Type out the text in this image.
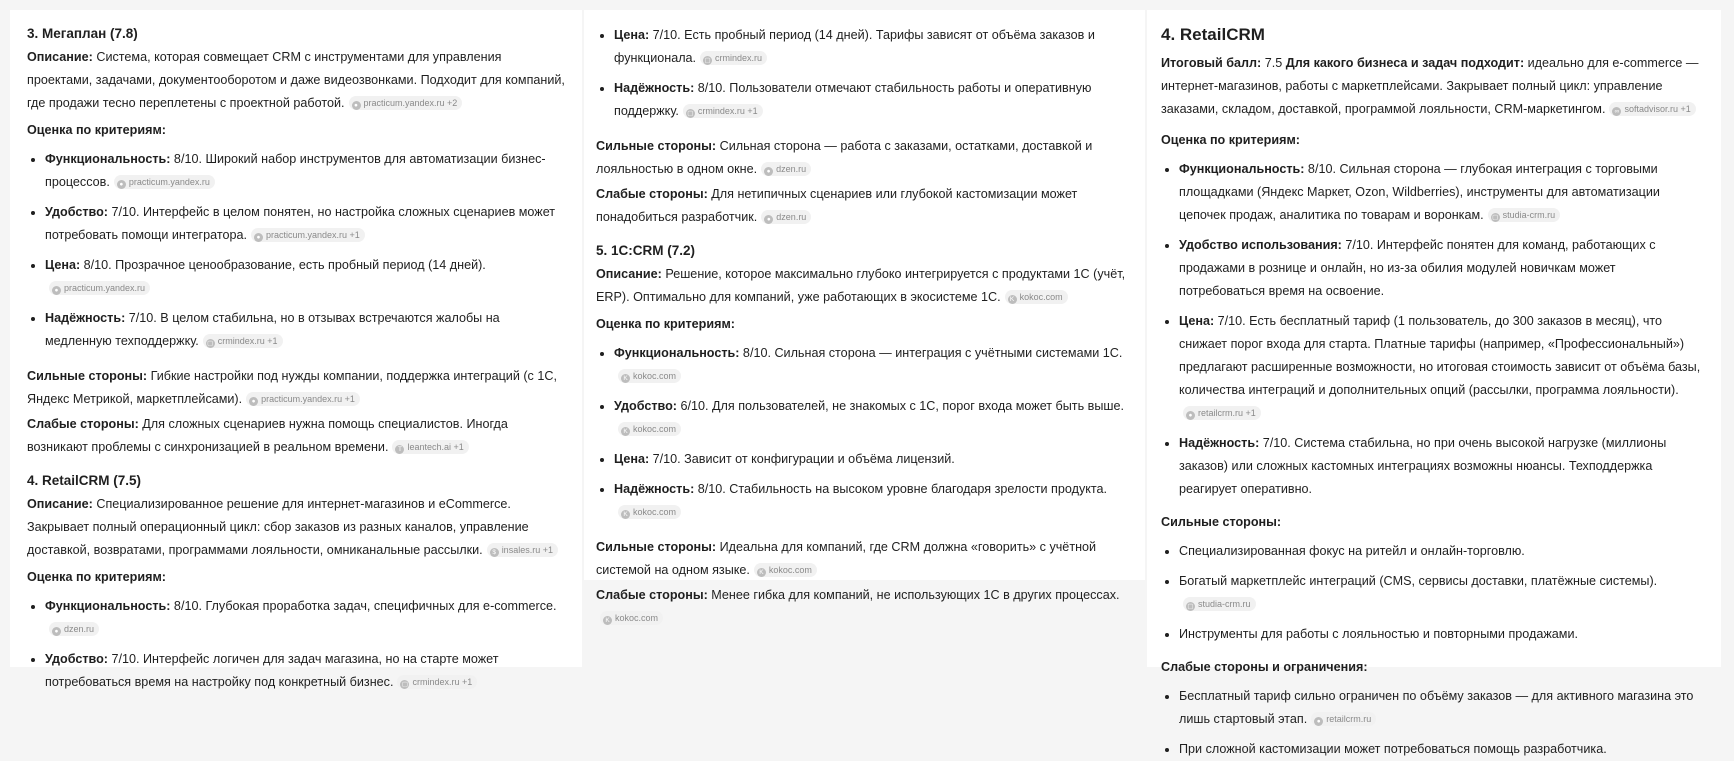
3. Мегаплан (7.8)
Описание: Система, которая совмещает CRM с инструментами для управления проектами, задачами, документооборотом и даже видеозвонками. Подходит для компаний, где продажи тесно переплетены с проектной работой. ● practicum.yandex.ru +2
Оценка по критериям:
• Функциональность: 8/10. Широкий набор инструментов для автоматизации бизнес-процессов. ● practicum.yandex.ru
• Удобство: 7/10. Интерфейс в целом понятен, но настройка сложных сценариев может потребовать помощи интегратора. ● practicum.yandex.ru +1
• Цена: 8/10. Прозрачное ценообразование, есть пробный период (14 дней).● practicum.yandex.ru
• Надёжность: 7/10. В целом стабильна, но в отзывах встречаются жалобы на медленную техподдержку. ▢ crmindex.ru +1
Сильные стороны: Гибкие настройки под нужды компании, поддержка интеграций (с 1С, Яндекс Метрикой, маркетплейсами). ● practicum.yandex.ru +1
Слабые стороны: Для сложных сценариев нужна помощь специалистов. Иногда возникают проблемы с синхронизацией в реальном времени. T leantech.ai +1
4. RetailCRM (7.5)
Описание: Специализированное решение для интернет-магазинов и eCommerce. Закрывает полный операционный цикл: сбор заказов из разных каналов, управление доставкой, возвратами, программами лояльности, омниканальные рассылки. $ insales.ru +1
Оценка по критериям:
• Функциональность: 8/10. Глубокая проработка задач, специфичных для e-commerce.● dzen.ru
• Удобство: 7/10. Интерфейс логичен для задач магазина, но на старте может потребоваться время на настройку под конкретный бизнес. ▢ crmindex.ru +1
• Цена: 7/10. Есть пробный период (14 дней). Тарифы зависят от объёма заказов и функционала. ▢ crmindex.ru
• Надёжность: 8/10. Пользователи отмечают стабильность работы и оперативную поддержку. ▢ crmindex.ru +1
Сильные стороны: Сильная сторона — работа с заказами, остатками, доставкой и лояльностью в одном окне. ● dzen.ru
Слабые стороны: Для нетипичных сценариев или глубокой кастомизации может понадобиться разработчик. ● dzen.ru
5. 1С:CRM (7.2)
Описание: Решение, которое максимально глубоко интегрируется с продуктами 1С (учёт, ERP). Оптимально для компаний, уже работающих в экосистеме 1С. K kokoc.com
Оценка по критериям:
• Функциональность: 8/10. Сильная сторона — интеграция с учётными системами 1С.K kokoc.com
• Удобство: 6/10. Для пользователей, не знакомых с 1С, порог входа может быть выше.K kokoc.com
• Цена: 7/10. Зависит от конфигурации и объёма лицензий.
• Надёжность: 8/10. Стабильность на высоком уровне благодаря зрелости продукта.K kokoc.com
Сильные стороны: Идеальна для компаний, где CRM должна «говорить» с учётной системой на одном языке. K kokoc.com
Слабые стороны: Менее гибка для компаний, не использующих 1С в других процессах.K kokoc.com
4. RetailCRM
Итоговый балл: 7.5 Для какого бизнеса и задач подходит: идеально для e-commerce — интернет-магазинов, работы с маркетплейсами. Закрывает полный цикл: управление заказами, складом, доставкой, программой лояльности, CRM-маркетингом. ∞ softadvisor.ru +1
Оценка по критериям:
• Функциональность: 8/10. Сильная сторона — глубокая интеграция с торговыми площадками (Яндекс Маркет, Ozon, Wildberries), инструменты для автоматизации цепочек продаж, аналитика по товарам и воронкам. ▢ studia-crm.ru
• Удобство использования: 7/10. Интерфейс понятен для команд, работающих с продажами в рознице и онлайн, но из-за обилия модулей новичкам может потребоваться время на освоение.
• Цена: 7/10. Есть бесплатный тариф (1 пользователь, до 300 заказов в месяц), что снижает порог входа для старта. Платные тарифы (например, «Профессиональный») предлагают расширенные возможности, но итоговая стоимость зависит от объёма базы, количества интеграций и дополнительных опций (рассылки, программа лояльности).● retailcrm.ru +1
• Надёжность: 7/10. Система стабильна, но при очень высокой нагрузке (миллионы заказов) или сложных кастомных интеграциях возможны нюансы. Техподдержка реагирует оперативно.
Сильные стороны:
• Специализированная фокус на ритейл и онлайн-торговлю.
• Богатый маркетплейс интеграций (CMS, сервисы доставки, платёжные системы).▢ studia-crm.ru
• Инструменты для работы с лояльностью и повторными продажами.
Слабые стороны и ограничения:
• Бесплатный тариф сильно ограничен по объёму заказов — для активного магазина это лишь стартовый этап. ● retailcrm.ru
• При сложной кастомизации может потребоваться помощь разработчика.
